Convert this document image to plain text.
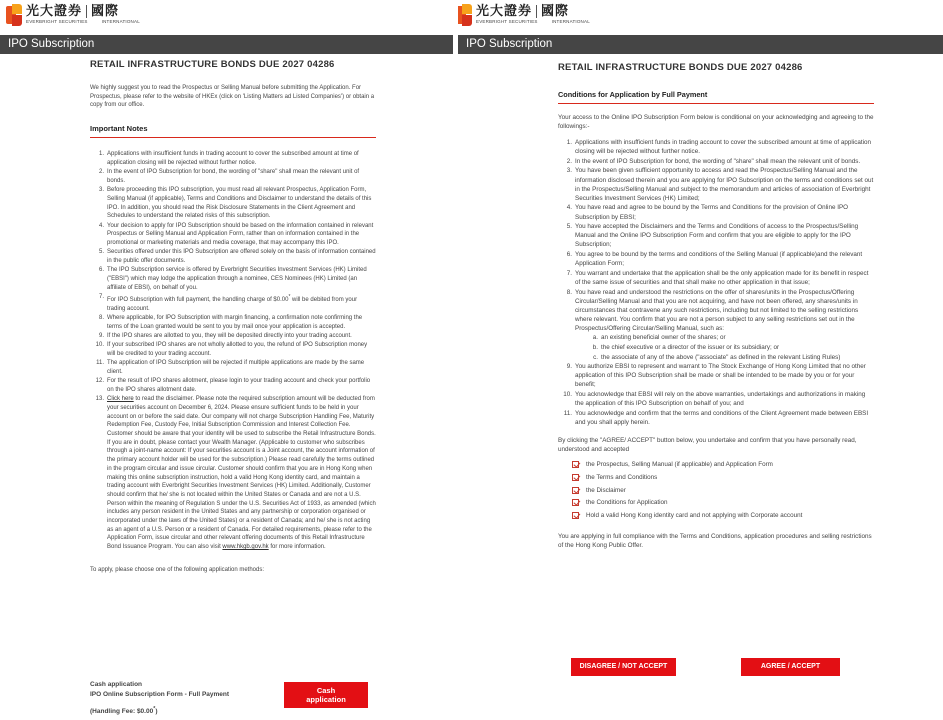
光大證券 國際
EVERBRIGHT SECURITIES	INTERNATIONAL
IPO Subscription
RETAIL INFRASTRUCTURE BONDS DUE 2027 04286
We highly suggest you to read the Prospectus or Selling Manual before submitting the Application. For Prospectus, please refer to the website of HKEx (click on 'Listing Matters ad Listed Companies') or obtain a copy from our office.
Important Notes
1. Applications with insufficient funds in trading account to cover the subscribed amount at time of application closing will be rejected without further notice.
2. In the event of IPO Subscription for bond, the wording of "share" shall mean the relevant unit of bonds.
3. Before proceeding this IPO subscription, you must read all relevant Prospectus, Application Form, Selling Manual (if applicable), Terms and Conditions and Disclaimer to understand the details of this IPO. In addition, you should read the Risk Disclosure Statements in the Client Agreement and Schedules to understand the related risks of this subscription.
4. Your decision to apply for IPO Subscription should be based on the information contained in relevant Prospectus or Selling Manual and Application Form, rather than on information contained in the promotional or marketing materials and media coverage, that may accompany this IPO.
5. Securities offered under this IPO Subscription are offered solely on the basis of information contained in the public offer documents.
6. The IPO Subscription service is offered by Everbright Securities Investment Services (HK) Limited ("EBSI") which may lodge the application through a nominee, CES Nominees (HK) Limited (an affiliate of EBSI), on behalf of you.
7. For IPO Subscription with full payment, the handling charge of $0.00* will be debited from your trading account.
8. Where applicable, for IPO Subscription with margin financing, a confirmation note confirming the terms of the Loan granted would be sent to you by mail once your application is accepted.
9. If the IPO shares are allotted to you, they will be deposited directly into your trading account.
10. If your subscribed IPO shares are not wholly allotted to you, the refund of IPO Subscription money will be credited to your trading account.
11. The application of IPO Subscription will be rejected if multiple applications are made by the same client.
12. For the result of IPO shares allotment, please login to your trading account and check your portfolio on the IPO shares allotment date.
13. Click here to read the disclaimer. Please note the required subscription amount will be deducted from your securities account on December 6, 2024. Please ensure sufficient funds to be held in your account on or before the said date. Our company will not charge Subscription Handling Fee, Maturity Redemption Fee, Custody Fee, Initial Subscription Commission and Interest Collection Fee. Customer should be aware that your identity will be used to subscribe the Retail Infrastructure Bonds. If you are in doubt, please contact your Wealth Manager. (Applicable to customer who subscribes through a joint-name account: If your securities account is a Joint account, the account information of the primary account holder will be used for the subscription.) Please read carefully the terms outlined in the program circular and issue circular. Customer should confirm that you are in Hong Kong when making this online subscription instruction, hold a valid Hong Kong identity card, and maintain a trading account with Everbright Securities Investment Services (HK) Limited. Additionally, Customer should confirm that he/ she is not located within the United States or Canada and are not a U.S. Person within the meaning of Regulation S under the U.S. Securities Act of 1933, as amended (which includes any person resident in the United States and any partnership or corporation organised or incorporated under the laws of the United States) or a resident of Canada; and he/ she is not acting as an agent of a U.S. Person or a resident of Canada. For detailed requirements, please refer to the Application Form, issue circular and other relevant offering documents of this Retail Infrastructure Bond Issuance Program. You can also visit www.hkgb.gov.hk for more information.
To apply, please choose one of the following application methods:
Cash application
IPO Online Subscription Form - Full Payment
(Handling Fee: $0.00*)
Cash
application
光大證券 國際
EVERBRIGHT SECURITIES	INTERNATIONAL
IPO Subscription
RETAIL INFRASTRUCTURE BONDS DUE 2027 04286
Conditions for Application by Full Payment
Your access to the Online IPO Subscription Form below is conditional on your acknowledging and agreeing to the followings:-
1. Applications with insufficient funds in trading account to cover the subscribed amount at time of application closing will be rejected without further notice.
2. In the event of IPO Subscription for bond, the wording of "share" shall mean the relevant unit of bonds.
3. You have been given sufficient opportunity to access and read the Prospectus/Selling Manual and the information disclosed therein and you are applying for IPO Subscription on the terms and conditions set out in the Prospectus/Selling Manual and subject to the memorandum and articles of association of Everbright Securities Investment Services (HK) Limited;
4. You have read and agree to be bound by the Terms and Conditions for the provision of Online IPO Subscription by EBSI;
5. You have accepted the Disclaimers and the Terms and Conditions of access to the Prospectus/Selling Manual and the Online IPO Subscription Form and confirm that you are eligible to apply for the IPO Subscription;
6. You agree to be bound by the terms and conditions of the Selling Manual (if applicable)and the relevant Application Form;
7. You warrant and undertake that the application shall be the only application made for its benefit in respect of the same issue of securities and that shall make no other application in that issue;
8. You have read and understood the restrictions on the offer of shares/units in the Prospectus/Offering Circular/Selling Manual and that you are not acquiring, and have not been offered, any shares/units in circumstances that contravene any such restrictions, including but not limited to the selling restrictions where relevant. You confirm that you are not a person subject to any selling restrictions set out in the Prospectus/Offering Circular/Selling Manual, such as:
a. an existing beneficial owner of the shares; or
b. the chief executive or a director of the issuer or its subsidiary; or
c. the associate of any of the above ("associate" as defined in the relevant Listing Rules)
9. You authorize EBSI to represent and warrant to The Stock Exchange of Hong Kong Limited that no other application of this IPO Subscription shall be made or shall be intended to be made by you or for your benefit;
10. You acknowledge that EBSI will rely on the above warranties, undertakings and authorizations in making the application of this IPO Subscription on behalf of you; and
11. You acknowledge and confirm that the terms and conditions of the Client Agreement made between EBSI and you shall apply herein.
By clicking the "AGREE/ ACCEPT" button below, you undertake and confirm that you have personally read, understood and accepted
the Prospectus, Selling Manual (if applicable) and Application Form
the Terms and Conditions
the Disclaimer
the Conditions for Application
Hold a valid Hong Kong identity card and not applying with Corporate account
You are applying in full compliance with the Terms and Conditions, application procedures and selling restrictions of the Hong Kong Public Offer.
DISAGREE / NOT ACCEPT	AGREE / ACCEPT
